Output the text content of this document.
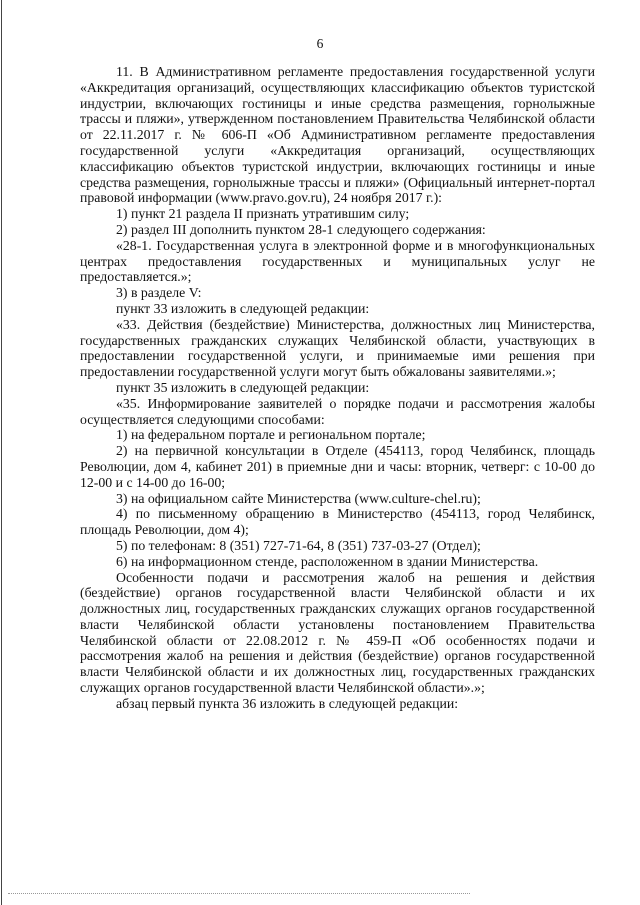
6

11. В Административном регламенте предоставления государственной услуги «Аккредитация организаций, осуществляющих классификацию объектов туристской индустрии, включающих гостиницы и иные средства размещения, горнолыжные трассы и пляжи», утвержденном постановлением Правительства Челябинской области от 22.11.2017 г. № 606-П «Об Административном регламенте предоставления государственной услуги «Аккредитация организаций, осуществляющих классификацию объектов туристской индустрии, включающих гостиницы и иные средства размещения, горнолыжные трассы и пляжи» (Официальный интернет-портал правовой информации (www.pravo.gov.ru), 24 ноября 2017 г.):

1) пункт 21 раздела II признать утратившим силу;

2) раздел III дополнить пунктом 28-1 следующего содержания:

«28-1. Государственная услуга в электронной форме и в многофункциональных центрах предоставления государственных и муниципальных услуг не предоставляется.»;

3) в разделе V:

пункт 33 изложить в следующей редакции:

«33. Действия (бездействие) Министерства, должностных лиц Министерства, государственных гражданских служащих Челябинской области, участвующих в предоставлении государственной услуги, и принимаемые ими решения при предоставлении государственной услуги могут быть обжалованы заявителями.»;

пункт 35 изложить в следующей редакции:

«35. Информирование заявителей о порядке подачи и рассмотрения жалобы осуществляется следующими способами:

1) на федеральном портале и региональном портале;

2) на первичной консультации в Отделе (454113, город Челябинск, площадь Революции, дом 4, кабинет 201) в приемные дни и часы: вторник, четверг: с 10-00 до 12-00 и с 14-00 до 16-00;

3) на официальном сайте Министерства (www.culture-chel.ru);

4) по письменному обращению в Министерство (454113, город Челябинск, площадь Революции, дом 4);

5) по телефонам: 8 (351) 727-71-64, 8 (351) 737-03-27 (Отдел);

6) на информационном стенде, расположенном в здании Министерства.

Особенности подачи и рассмотрения жалоб на решения и действия (бездействие) органов государственной власти Челябинской области и их должностных лиц, государственных гражданских служащих органов государственной власти Челябинской области установлены постановлением Правительства Челябинской области от 22.08.2012 г. № 459-П «Об особенностях подачи и рассмотрения жалоб на решения и действия (бездействие) органов государственной власти Челябинской области и их должностных лиц, государственных гражданских служащих органов государственной власти Челябинской области».»;

абзац первый пункта 36 изложить в следующей редакции:
